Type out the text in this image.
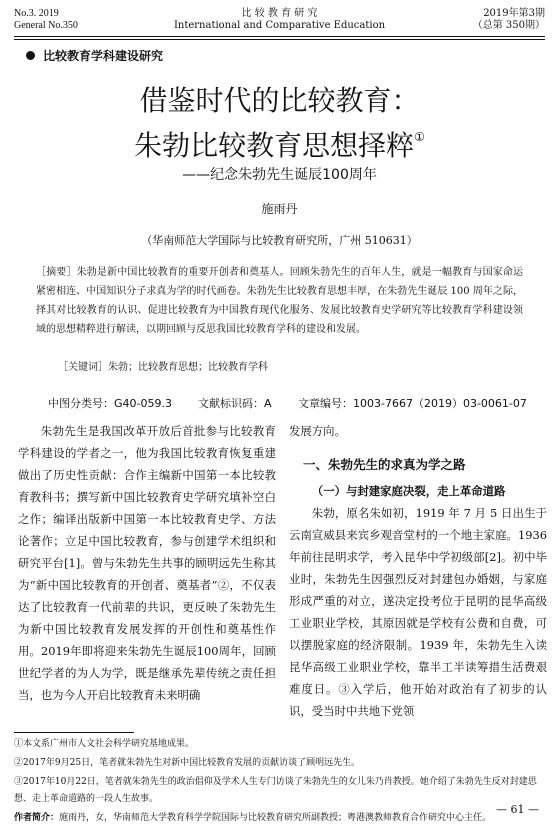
No.3. 2019
General No.350
比 较 教 育 研 究
International and Comparative Education
2019年第3期
（总第 350期）
比较教育学科建设研究
借鉴时代的比较教育：
朱勃比较教育思想择粹①
——纪念朱勃先生诞辰100周年
施雨丹
（华南师范大学国际与比较教育研究所，广州 510631）
［摘要］朱勃是新中国比较教育的重要开创者和奠基人。回顾朱勃先生的百年人生，就是一幅教育与国家命运紧密相连、中国知识分子求真为学的时代画卷。朱勃先生比较教育思想丰厚，在朱勃先生诞辰 100 周年之际，择其对比较教育的认识、促进比较教育为中国教育现代化服务、发展比较教育史学研究等比较教育学科建设领域的思想精粹进行解读，以期回顾与反思我国比较教育学科的建设和发展。
［关键词］朱勃；比较教育思想；比较教育学科
中图分类号：G40-059.3 文献标识码：A 文章编号：1003-7667（2019）03-0061-07

朱勃先生是我国改革开放后首批参与比较教育学科建设的学者之一，他为我国比较教育恢复重建做出了历史性贡献：合作主编新中国第一本比较教育教科书；撰写新中国比较教育史学研究填补空白之作；编译出版新中国第一本比较教育史学、方法论著作；立足中国比较教育，参与创建学术组织和研究平台[1]。曾与朱勃先生共事的顾明远先生称其为“新中国比较教育的开创者、奠基者”②，不仅表达了比较教育一代前辈的共识，更反映了朱勃先生为新中国比较教育发展发挥的开创性和奠基性作用。2019年即将迎来朱勃先生诞辰100周年，回顾世纪学者的为人为学，既是继承先辈传统之责任担当，也为今人开启比较教育未来明确

发展方向。
一、朱勃先生的求真为学之路
（一）与封建家庭决裂，走上革命道路

朱勃，原名朱如初，1919 年 7 月 5 日出生于云南宣威县来宾乡观音堂村的一个地主家庭。1936 年前往昆明求学，考入昆华中学初级部[2]。初中毕业时，朱勃先生因强烈反对封建包办婚姻，与家庭形成严重的对立，遂决定投考位于昆明的昆华高级工业职业学校，其原因就是学校有公费和自费，可以摆脱家庭的经济限制。1939 年，朱勃先生入读昆华高级工业职业学校，靠半工半读筹措生活费艰难度日。③入学后，他开始对政治有了初步的认识，受当时中共地下党领

①本文系广州市人文社会科学研究基地成果。
②2017年9月25日，笔者就朱勃先生对新中国比较教育发展的贡献访谈了顾明远先生。
③2017年10月22日，笔者就朱勃先生的政治倡仰及学术人生专门访谈了朱勃先生的女儿朱乃肖教授。她介绍了朱勃先生反对封建思想、走上革命道路的一段人生故事。
作者简介：施雨丹，女，华南师范大学教育科学学院国际与比较教育研究所副教授；粤港澳教师教育合作研究中心主任。
— 61 —
